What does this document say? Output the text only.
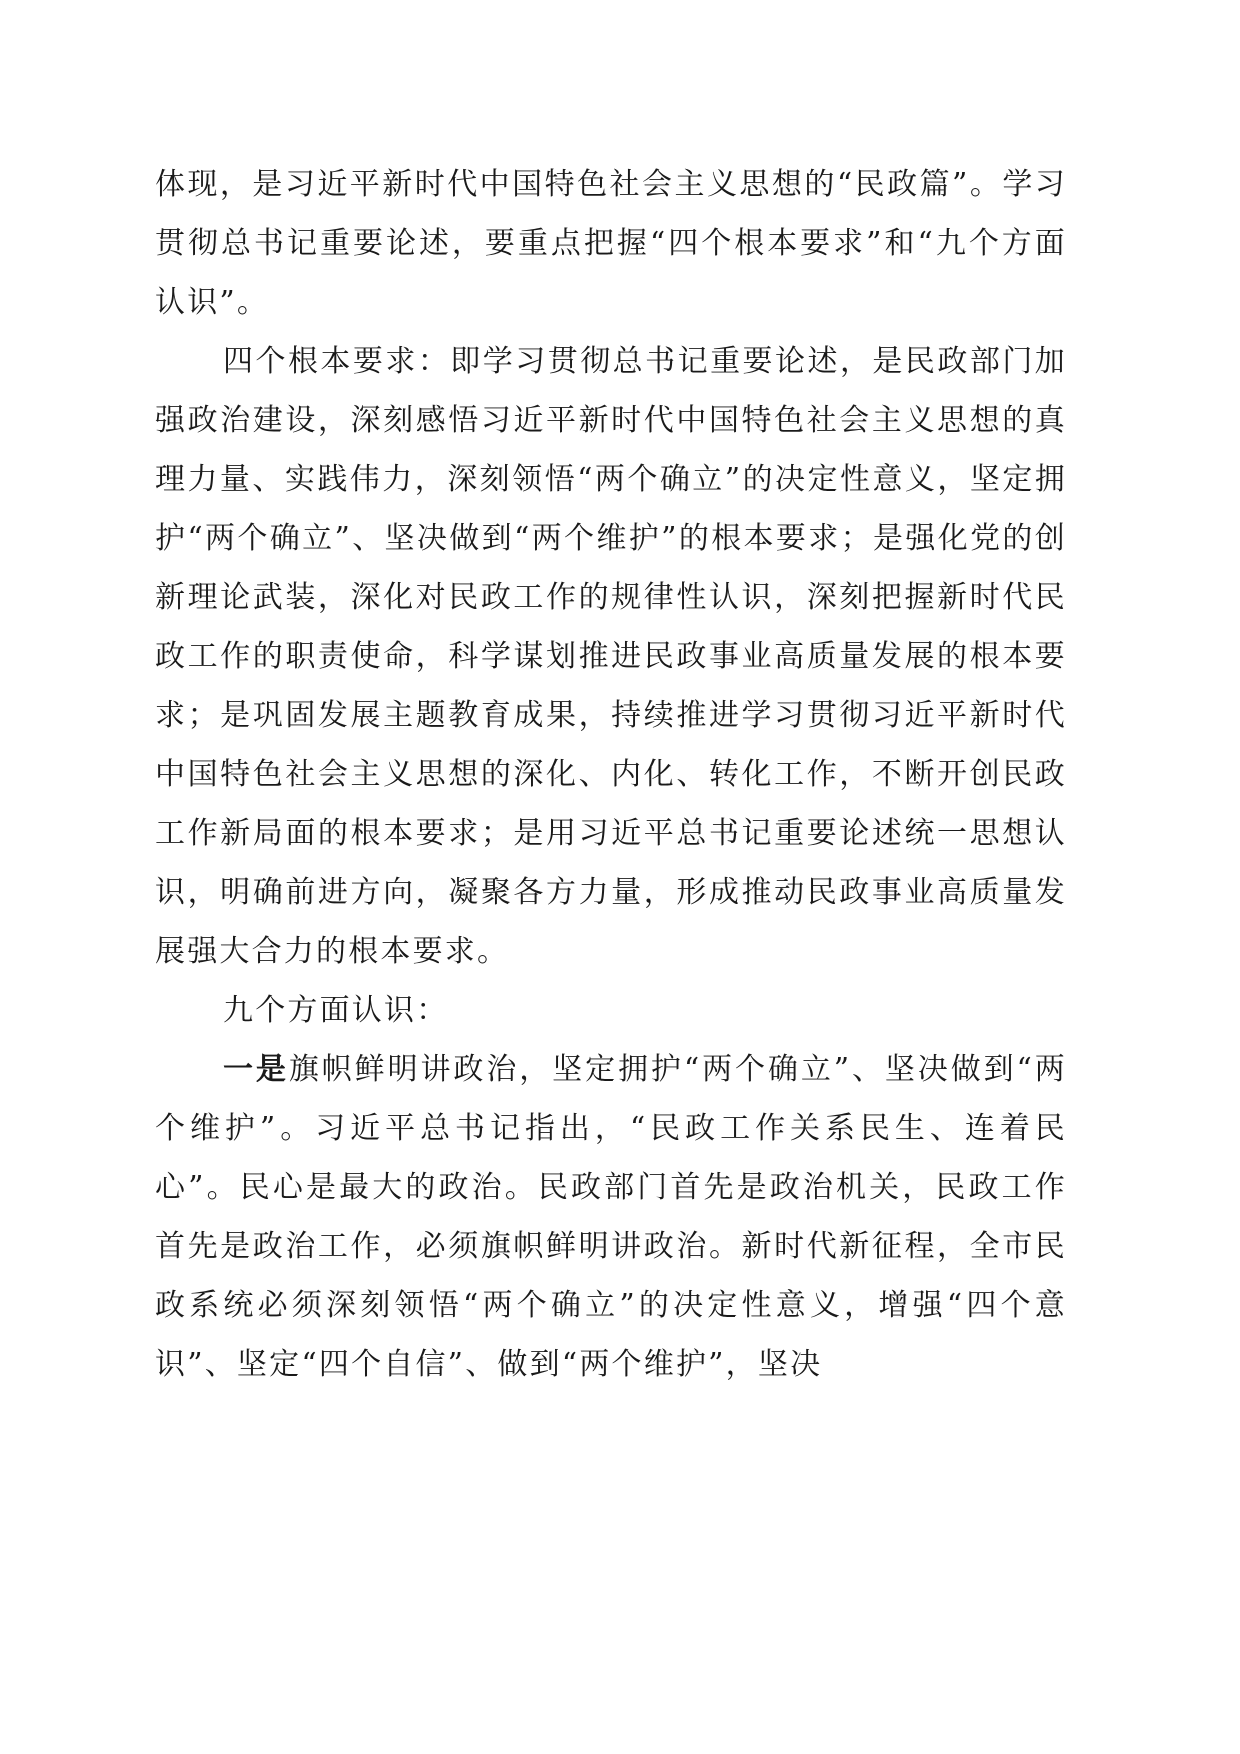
体现，是习近平新时代中国特色社会主义思想的“民政篇”。学习贯彻总书记重要论述，要重点把握“四个根本要求”和“九个方面认识”。

四个根本要求：即学习贯彻总书记重要论述，是民政部门加强政治建设，深刻感悟习近平新时代中国特色社会主义思想的真理力量、实践伟力，深刻领悟“两个确立”的决定性意义，坚定拥护“两个确立”、坚决做到“两个维护”的根本要求；是强化党的创新理论武装，深化对民政工作的规律性认识，深刻把握新时代民政工作的职责使命，科学谋划推进民政事业高质量发展的根本要求；是巩固发展主题教育成果，持续推进学习贯彻习近平新时代中国特色社会主义思想的深化、内化、转化工作，不断开创民政工作新局面的根本要求；是用习近平总书记重要论述统一思想认识，明确前进方向，凝聚各方力量，形成推动民政事业高质量发展强大合力的根本要求。

九个方面认识：

一是旗帜鲜明讲政治，坚定拥护“两个确立”、坚决做到“两个维护”。习近平总书记指出，“民政工作关系民生、连着民心”。民心是最大的政治。民政部门首先是政治机关，民政工作首先是政治工作，必须旗帜鲜明讲政治。新时代新征程，全市民政系统必须深刻领悟“两个确立”的决定性意义，增强“四个意识”、坚定“四个自信”、做到“两个维护”，坚决
